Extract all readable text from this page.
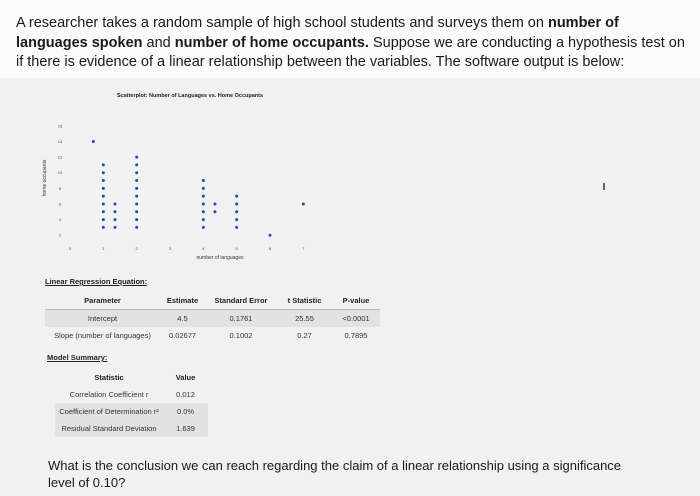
A researcher takes a random sample of high school students and surveys them on number of languages spoken and number of home occupants. Suppose we are conducting a hypothesis test on if there is evidence of a linear relationship between the variables. The software output is below:
Scatterplot: Number of Languages vs. Home Occupants
number of languages
home occupants
0	1	2	3	4	5	6	7
2
4
6
8
10
12
14
16
Linear Regression Equation:
Parameter	Estimate	Standard Error	t Statistic	P-value
Intercept	4.5	0.1761	25.55	<0.0001
Slope (number of languages)	0.02677	0.1002	0.27	0.7895
Model Summary:
Statistic	Value
Correlation Coefficient r	0.012
Coefficient of Determination r²	0.0%
Residual Standard Deviation	1.639
What is the conclusion we can reach regarding the claim of a linear relationship using a significance level of 0.10?
